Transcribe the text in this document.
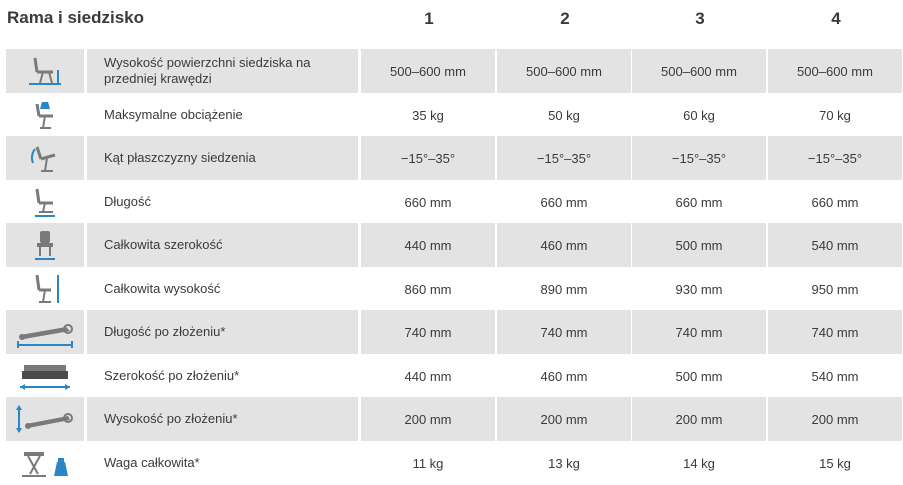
Rama i siedzisko	1	2	3	4
Wysokość powierzchni siedziska na przedniej krawędzi	500–600 mm	500–600 mm	500–600 mm	500–600 mm
Maksymalne obciążenie	35 kg	50 kg	60 kg	70 kg
Kąt płaszczyzny siedzenia	−15°–35°	−15°–35°	−15°–35°	−15°–35°
Długość	660 mm	660 mm	660 mm	660 mm
Całkowita szerokość	440 mm	460 mm	500 mm	540 mm
Całkowita wysokość	860 mm	890 mm	930 mm	950 mm
Długość po złożeniu*	740 mm	740 mm	740 mm	740 mm
Szerokość po złożeniu*	440 mm	460 mm	500 mm	540 mm
Wysokość po złożeniu*	200 mm	200 mm	200 mm	200 mm
Waga całkowita*	11 kg	13 kg	14 kg	15 kg
